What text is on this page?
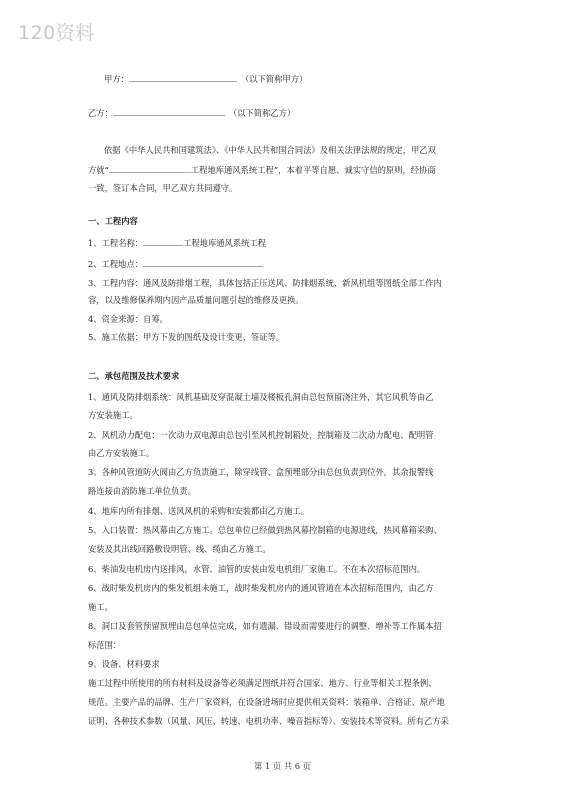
120资料
甲方：	（以下简称甲方）
乙方：	（以下简称乙方）
依据《中华人民共和国建筑法》、《中华人民共和国合同法》及相关法律法规的规定，甲乙双
方就“	工程地库通风系统工程”，本着平等自愿、诚实守信的原则，经协商
一致，签订本合同，甲乙双方共同遵守。
一、工程内容
1、工程名称：	工程地库通风系统工程
2、工程地点：
3、工程内容：通风及防排烟工程，具体包括正压送风、防排烟系统、新风机组等图纸全部工作内
容，以及维修保养期内因产品质量问题引起的维修及更换。
4、资金来源：自筹。
5、施工依据：甲方下发的图纸及设计变更、签证等。
二、承包范围及技术要求
1、通风及防排烟系统：风机基础及穿混凝土墙及楼板孔洞由总包预留浇注外，其它风机等由乙
方安装施工。
2、风机动力配电：一次动力双电源由总包引至风机控制箱处，控制箱及二次动力配电、配明管
由乙方安装施工。
3、各种风管道防火阀由乙方负责施工，除穿线管、盒预埋部分由总包负责到位外，其余报警线
路连接由消防施工单位负责。
4、地库内所有排烟、送风风机的采购和安装都由乙方施工。
5、入口装置：热风幕由乙方施工。总包单位已经做到热风幕控制箱的电源进线，热风幕箱采购、
安装及其出线回路敷设明管、线、缆由乙方施工。
6、柴油发电机房内送排风，水管、油管的安装由发电机组厂家施工。不在本次招标范围内。
6、战时柴发机房内的柴发机组未施工，战时柴发机房内的通风管道在本次招标范围内，由乙方
施工。
8、洞口及套管预留预埋由总包单位完成，如有遗漏、错设而需要进行的调整、增补等工作属本招
标范围：
9、设备、材料要求
施工过程中所使用的所有材料及设备等必须满足图纸并符合国家、地方、行业等相关工程条例、
规范。主要产品的品牌、生产厂家资料，在设备进场时应提供相关资料：装箱单、合格证、原产地
证明、各种技术参数（风量、风压、转速、电机功率、噪音指标等）、安装技术等资料。所有乙方采
第 1 页 共 6 页
